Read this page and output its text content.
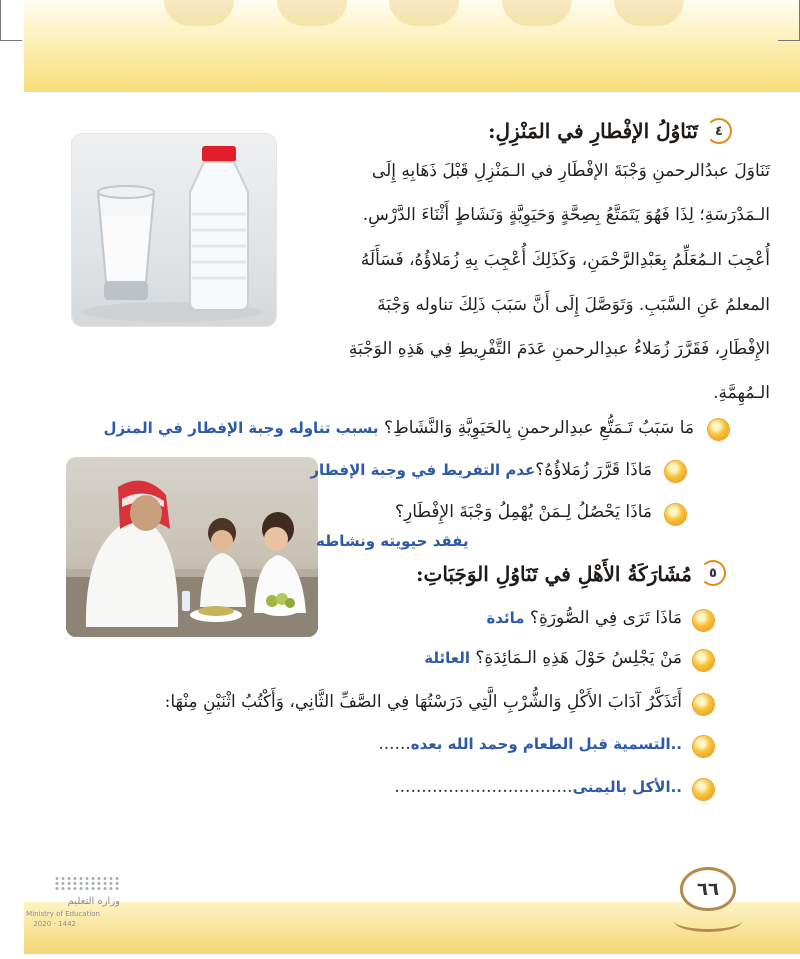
٤
تَنَاوُلُ الإفْطارِ في المَنْزِلِ:
تَنَاوَلَ عبدُالرحمنِ وَجْبَةَ الإفْطَارِ في الـمَنْزِلِ قَبْلَ ذَهَابِهِ إِلَى
الـمَدْرَسَةِ؛ لِذَا فَهُوَ يَتَمَتَّعُ بِصِحَّةٍ وَحَيَوِيَّةٍ وَنَشَاطٍ أَثْنَاءَ الدَّرْسِ.
أُعْجِبَ الـمُعَلِّمُ بِعَبْدِالرَّحْمَنِ، وَكَذَلِكَ أُعْجِبَ بِهِ زُمَلاؤُهُ، فَسَأَلَهُ
المعلمُ عَنِ السَّبَبِ. وَتَوَصَّلَ إِلَى أَنَّ سَبَبَ ذَلِكَ تناوله وَجْبَةَ
الإِفْطَارِ، فَقَرَّرَ زُمَلاءُ عبدِالرحمنِ عَدَمَ التَّفْرِيطِ فِي هَذِهِ الوَجْبَةِ
الـمُهِمَّةِ.
مَا سَبَبُ تَـمَتُّعِ عبدِالرحمنِ بِالحَيَوِيَّةِ وَالنَّشَاطِ؟ بسبب تناوله وجبة الإفطار في المنزل
مَاذَا قَرَّرَ زُمَلاؤُهُ؟عدم التفريط في وجبة الإفطار
مَاذَا يَحْصُلُ لِـمَنْ يُهْمِلُ وَجْبَةَ الإِفْطَارِ؟
يفقد حيويته ونشاطه
٥
مُشَارَكَةُ الأَهْلِ في تَنَاوُلِ الوَجَبَاتِ:
مَاذَا تَرَى فِي الصُّورَةِ؟ مائدة
مَنْ يَجْلِسُ حَوْلَ هَذِهِ الـمَائِدَةِ؟ العائلة
أَتَذَكَّرُ آدَابَ الأَكْلِ وَالشُّرْبِ الَّتِي دَرَسْتُهَا فِي الصَّفِّ الثَّانِي، وَأَكْتُبُ اثْنَيْنِ مِنْهَا:
..التسمية قبل الطعام وحمد الله بعده......
..الأكل باليمنى.................................
وزارة التعليم
Ministry of Education
2020 - 1442
٦٦
